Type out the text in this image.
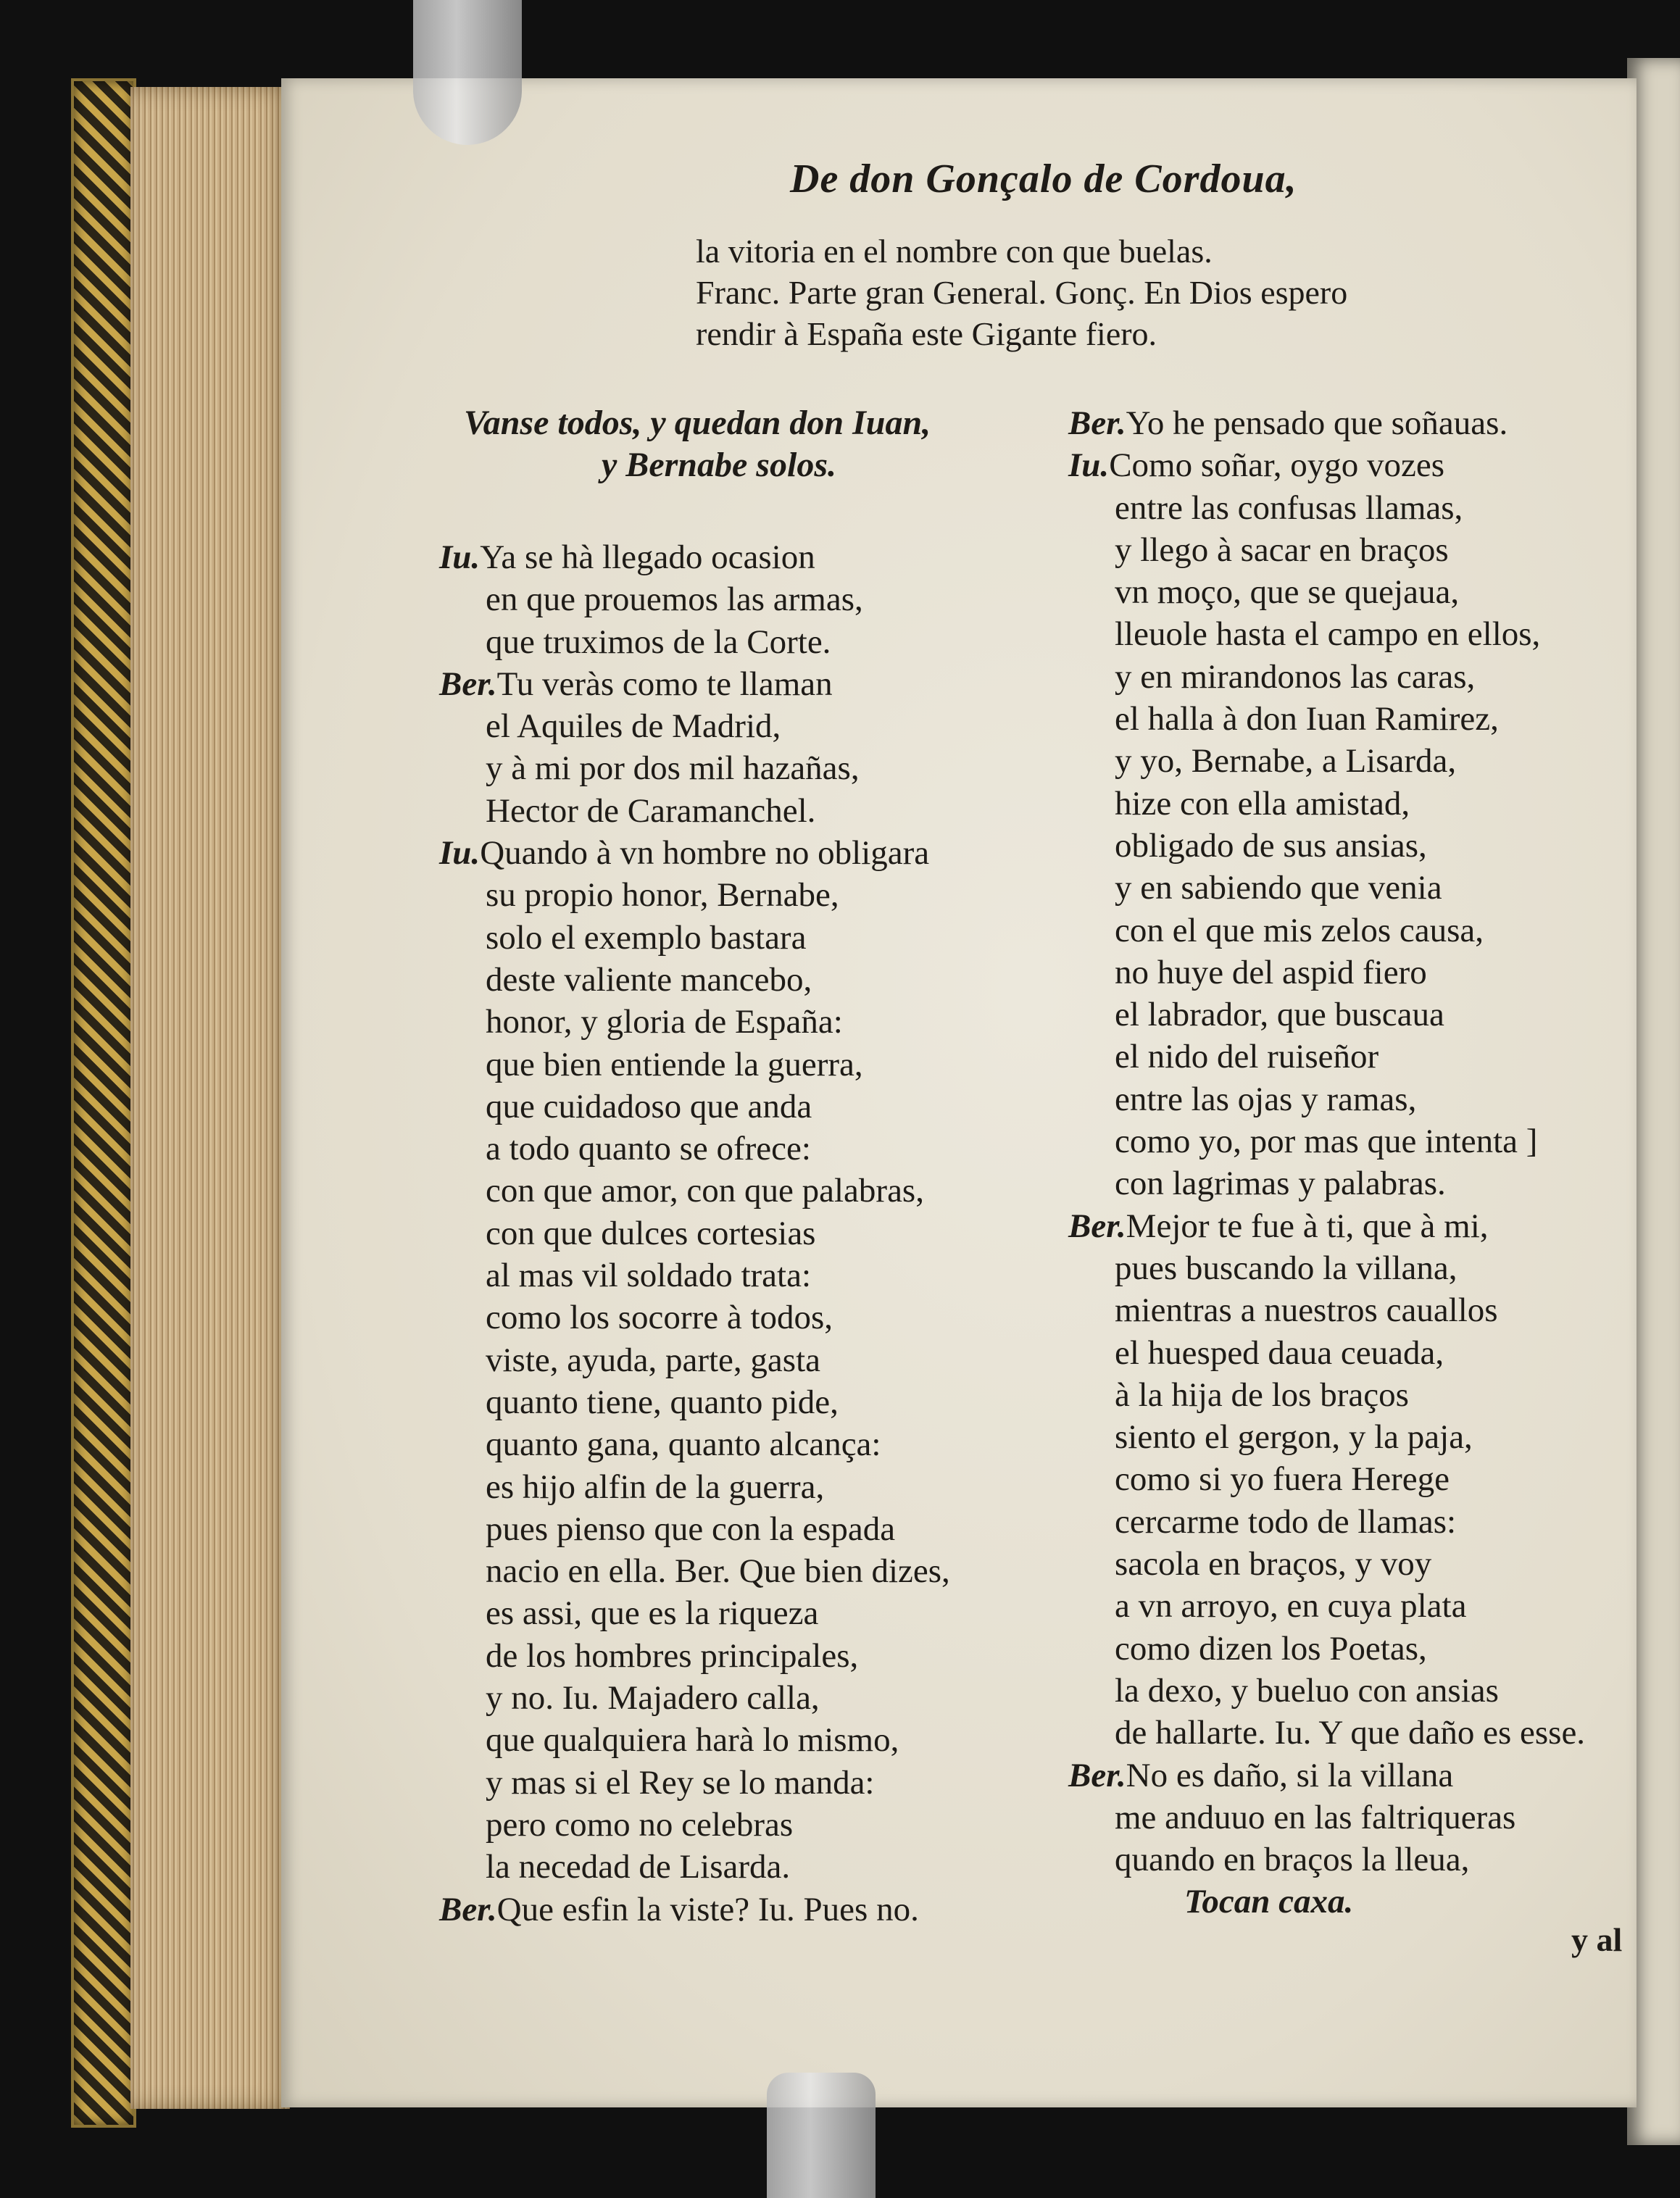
De don Gonçalo de Cordoua,
la vitoria en el nombre con que buelas.
Franc. Parte gran General. Gonç. En Dios espero
rendir à España este Gigante fiero.
Vanse todos, y quedan don Iuan,
y Bernabe solos.
Iu.Ya se hà llegado ocasion
en que prouemos las armas,
que truximos de la Corte.
Ber.Tu veràs como te llaman
el Aquiles de Madrid,
y à mi por dos mil hazañas,
Hector de Caramanchel.
Iu.Quando à vn hombre no obligara
su propio honor, Bernabe,
solo el exemplo bastara
deste valiente mancebo,
honor, y gloria de España:
que bien entiende la guerra,
que cuidadoso que anda
a todo quanto se ofrece:
con que amor, con que palabras,
con que dulces cortesias
al mas vil soldado trata:
como los socorre à todos,
viste, ayuda, parte, gasta
quanto tiene, quanto pide,
quanto gana, quanto alcança:
es hijo alfin de la guerra,
pues pienso que con la espada
nacio en ella. Ber. Que bien dizes,
es assi, que es la riqueza
de los hombres principales,
y no. Iu. Majadero calla,
que qualquiera harà lo mismo,
y mas si el Rey se lo manda:
pero como no celebras
la necedad de Lisarda.
Ber.Que esfin la viste? Iu. Pues no.
Ber.Yo he pensado que soñauas.
Iu.Como soñar, oygo vozes
entre las confusas llamas,
y llego à sacar en braços
vn moço, que se quejaua,
lleuole hasta el campo en ellos,
y en mirandonos las caras,
el halla à don Iuan Ramirez,
y yo, Bernabe, a Lisarda,
hize con ella amistad,
obligado de sus ansias,
y en sabiendo que venia
con el que mis zelos causa,
no huye del aspid fiero
el labrador, que buscaua
el nido del ruiseñor
entre las ojas y ramas,
como yo, por mas que intenta ]
con lagrimas y palabras.
Ber.Mejor te fue à ti, que à mi,
pues buscando la villana,
mientras a nuestros cauallos
el huesped daua ceuada,
à la hija de los braços
siento el gergon, y la paja,
como si yo fuera Herege
cercarme todo de llamas:
sacola en braços, y voy
a vn arroyo, en cuya plata
como dizen los Poetas,
la dexo, y bueluo con ansias
de hallarte. Iu. Y que daño es esse.
Ber.No es daño, si la villana
me anduuo en las faltriqueras
quando en braços la lleua,
Tocan caxa.
y al
